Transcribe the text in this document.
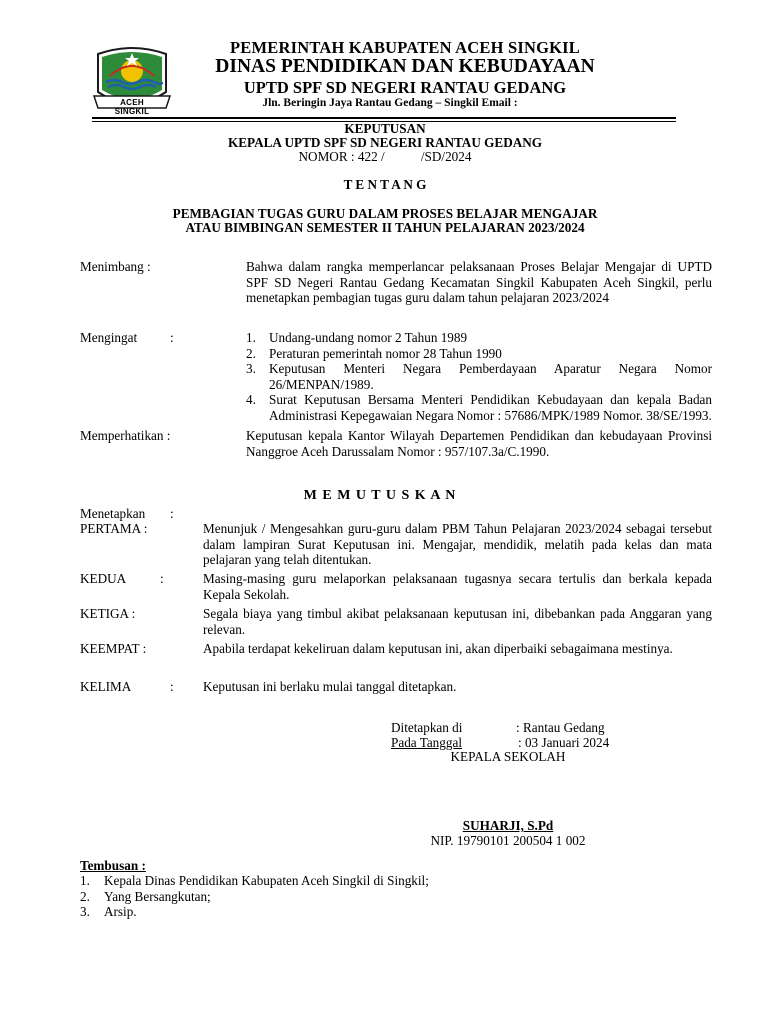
ACEH SINGKIL
PEMERINTAH KABUPATEN ACEH SINGKIL
DINAS PENDIDIKAN DAN KEBUDAYAAN
UPTD SPF SD NEGERI RANTAU GEDANG
Jln. Beringin Jaya Rantau Gedang – Singkil Email :
KEPUTUSAN
KEPALA UPTD SPF SD NEGERI RANTAU GEDANG
NOMOR : 422 /           /SD/2024
T E N T A N G
PEMBAGIAN TUGAS GURU DALAM PROSES BELAJAR MENGAJAR
ATAU BIMBINGAN SEMESTER II TAHUN PELAJARAN 2023/2024
Menimbang :	Bahwa dalam rangka memperlancar pelaksanaan Proses Belajar Mengajar di UPTD SPF SD Negeri Rantau Gedang Kecamatan Singkil Kabupaten Aceh Singkil, perlu menetapkan pembagian tugas guru dalam tahun pelajaran 2023/2024
Mengingat :	1. Undang-undang nomor 2 Tahun 1989
2. Peraturan pemerintah nomor 28 Tahun 1990
3. Keputusan Menteri Negara Pemberdayaan Aparatur Negara Nomor 26/MENPAN/1989.
4. Surat Keputusan Bersama Menteri Pendidikan Kebudayaan dan kepala Badan Administrasi Kepegawaian Negara Nomor : 57686/MPK/1989 Nomor. 38/SE/1993.
Memperhatikan :	Keputusan kepala Kantor Wilayah Departemen Pendidikan dan kebudayaan Provinsi Nanggroe Aceh Darussalam Nomor : 957/107.3a/C.1990.
M E M U T U S K A N
Menetapkan :
PERTAMA :	Menunjuk / Mengesahkan guru-guru dalam PBM Tahun Pelajaran 2023/2024 sebagai tersebut dalam lampiran Surat Keputusan ini. Mengajar, mendidik, melatih pada kelas dan mata pelajaran yang telah ditentukan.
KEDUA	:	Masing-masing guru melaporkan pelaksanaan tugasnya secara tertulis dan berkala kepada Kepala Sekolah.
KETIGA :	Segala biaya yang timbul akibat pelaksanaan keputusan ini, dibebankan pada Anggaran yang relevan.
KEEMPAT :	Apabila terdapat kekeliruan dalam keputusan ini, akan diperbaiki sebagaimana mestinya.
KELIMA	: Keputusan ini berlaku mulai tanggal ditetapkan.
Ditetapkan di	: Rantau Gedang
Pada Tanggal	: 03 Januari 2024
KEPALA SEKOLAH
SUHARJI, S.Pd
NIP. 19790101 200504 1 002
Tembusan :
1. Kepala Dinas Pendidikan Kabupaten Aceh Singkil di Singkil;
2. Yang Bersangkutan;
3. Arsip.
